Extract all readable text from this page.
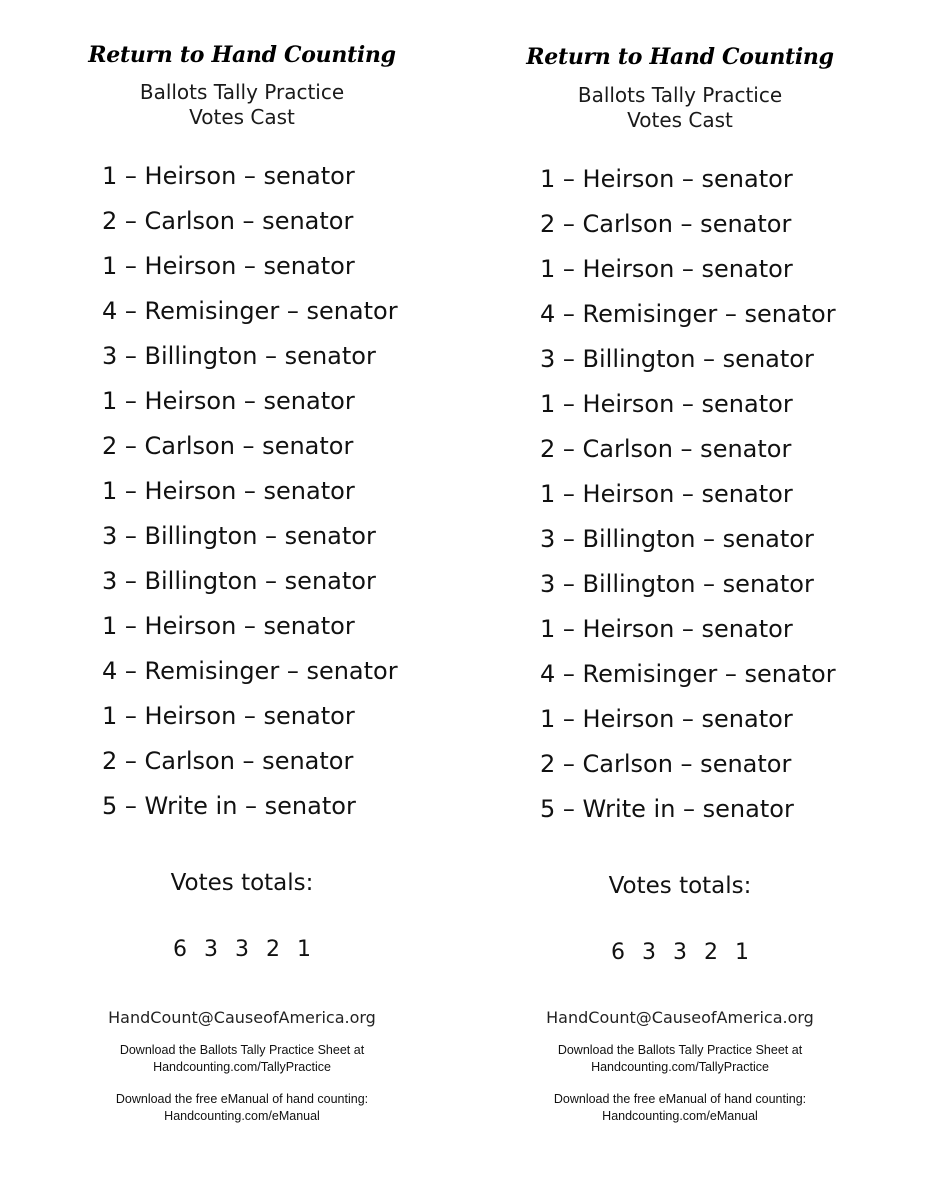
Return to Hand Counting
Ballots Tally Practice
Votes Cast
1 – Heirson – senator
2 – Carlson – senator
1 – Heirson – senator
4 – Remisinger – senator
3 – Billington – senator
1 – Heirson – senator
2 – Carlson – senator
1 – Heirson – senator
3 – Billington – senator
3 – Billington – senator
1 – Heirson – senator
4 – Remisinger – senator
1 – Heirson – senator
2 – Carlson – senator
5 – Write in – senator
Votes totals:
6 3 3 2 1
HandCount@CauseofAmerica.org
Download the Ballots Tally Practice Sheet at
Handcounting.com/TallyPractice
Download the free eManual of hand counting:
Handcounting.com/eManual
Return to Hand Counting
Ballots Tally Practice
Votes Cast
1 – Heirson – senator
2 – Carlson – senator
1 – Heirson – senator
4 – Remisinger – senator
3 – Billington – senator
1 – Heirson – senator
2 – Carlson – senator
1 – Heirson – senator
3 – Billington – senator
3 – Billington – senator
1 – Heirson – senator
4 – Remisinger – senator
1 – Heirson – senator
2 – Carlson – senator
5 – Write in – senator
Votes totals:
6 3 3 2 1
HandCount@CauseofAmerica.org
Download the Ballots Tally Practice Sheet at
Handcounting.com/TallyPractice
Download the free eManual of hand counting:
Handcounting.com/eManual
